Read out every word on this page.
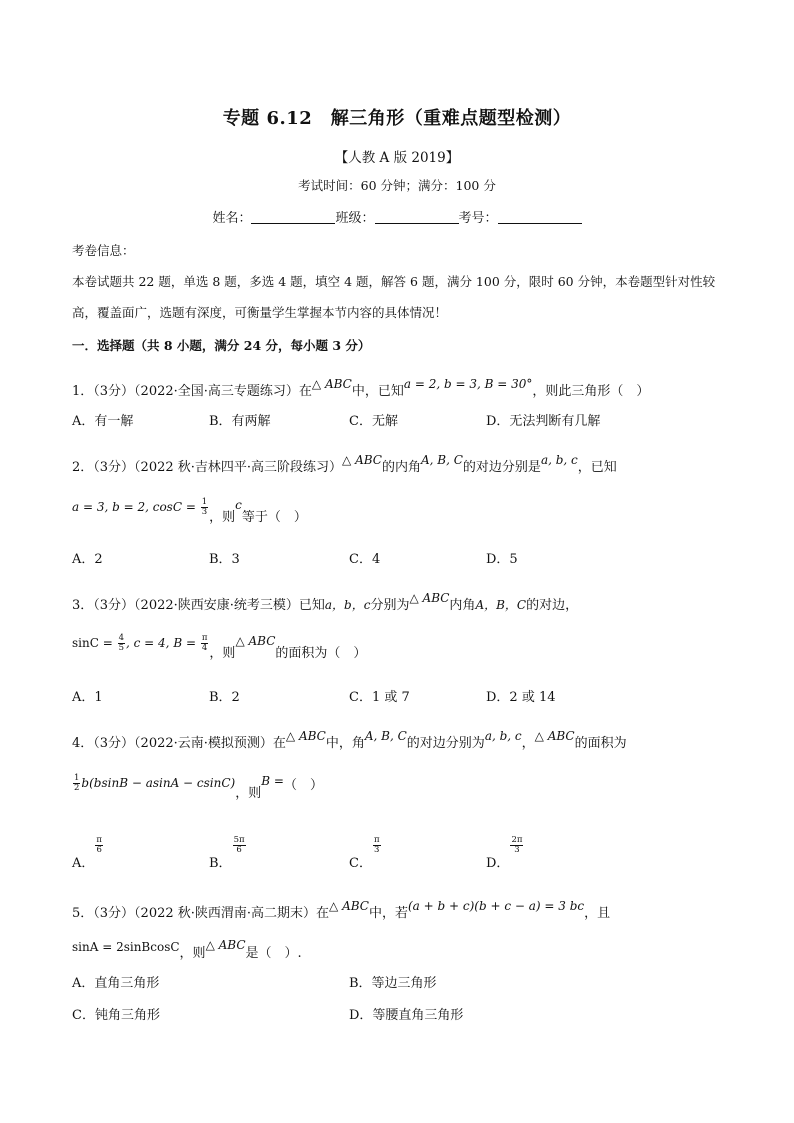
专题 6.12　解三角形（重难点题型检测）
【人教 A 版 2019】
考试时间：60 分钟；满分：100 分
姓名：	班级：	考号：
考卷信息：
本卷试题共 22 题，单选 8 题，多选 4 题，填空 4 题，解答 6 题，满分 100 分，限时 60 分钟，本卷题型针对性较
高，覆盖面广，选题有深度，可衡量学生掌握本节内容的具体情况！
一．选择题（共 8 小题，满分 24 分，每小题 3 分）
1．（3分）（2022·全国·高三专题练习）在△ ABC中，已知a = 2, b = 3, B = 30°，则此三角形（　）
A．有一解	B．有两解	C．无解	D．无法判断有几解
2．（3分）（2022 秋·吉林四平·高三阶段练习）△ ABC的内角A, B, C的对边分别是a, b, c，已知
a = 3, b = 2, $\cos C = \frac{1}{3}$
，则c等于（　）
A．2	B．3	C．4	D．5
3．（3分）（2022·陕西安康·统考三模）已知a，b，c分别为△ ABC内角A，B，C的对边，
$\sin C = \frac{4}{5}$ , c = 4, $B = \frac{\pi}{4}$
，则△ ABC的面积为（　）
A．1	B．2	C．1 或 7	D．2 或 14
4．（3分）（2022·云南·模拟预测）在△ ABC中，角A, B, C的对边分别为a, b, c，△ ABC的面积为
$\frac{1}{2} b(bsinB - asinA - csinC)$，则B =（　）
A．
$\frac{\pi}{6}$
B．
$\frac{5\pi}{6}$
C．
$\frac{\pi}{3}$
D．
$\frac{2\pi}{3}$
5．（3分）（2022 秋·陕西渭南·高二期末）在△ ABC中，若(a + b + c)(b + c − a) = 3 bc，且
sinA = 2sinBcosC，则△ ABC是（　）.
A．直角三角形	B．等边三角形
C．钝角三角形	D．等腰直角三角形
